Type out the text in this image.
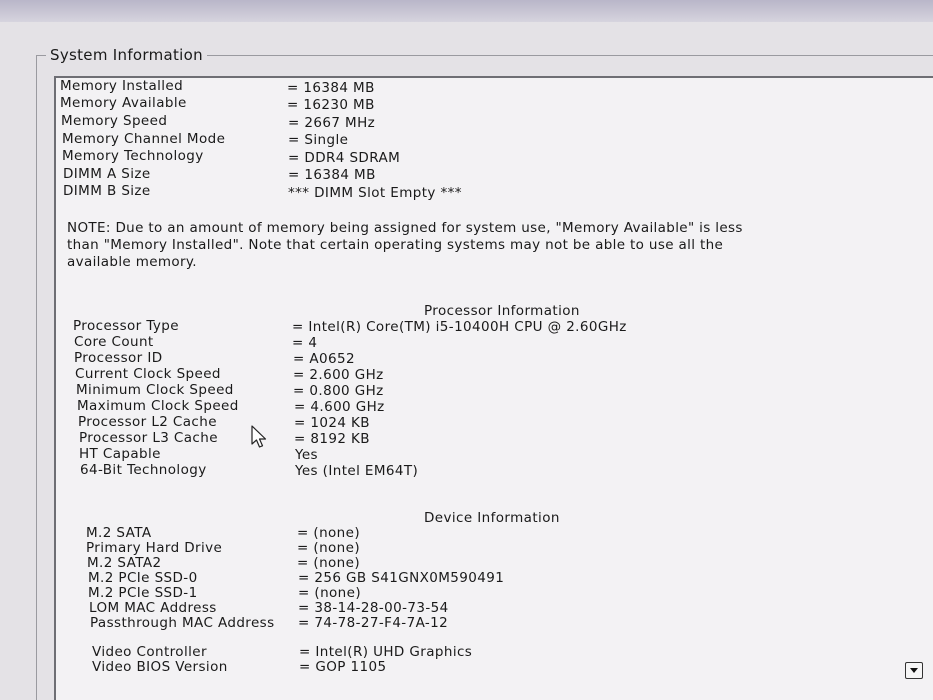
System Information
Memory Installed	= 16384 MB
Memory Available	= 16230 MB
Memory Speed	= 2667 MHz
Memory Channel Mode	= Single
Memory Technology	= DDR4 SDRAM
DIMM A Size	= 16384 MB
DIMM B Size	*** DIMM Slot Empty ***
NOTE: Due to an amount of memory being assigned for system use, "Memory Available" is less
than "Memory Installed". Note that certain operating systems may not be able to use all the
available memory.
Processor Information
Processor Type	= Intel(R) Core(TM) i5-10400H CPU @ 2.60GHz
Core Count	= 4
Processor ID	= A0652
Current Clock Speed	= 2.600 GHz
Minimum Clock Speed	= 0.800 GHz
Maximum Clock Speed	= 4.600 GHz
Processor L2 Cache	= 1024 KB
Processor L3 Cache	= 8192 KB
HT Capable	Yes
64-Bit Technology	Yes (Intel EM64T)
Device Information
M.2 SATA	= (none)
Primary Hard Drive	= (none)
M.2 SATA2	= (none)
M.2 PCIe SSD-0	= 256 GB S41GNX0M590491
M.2 PCIe SSD-1	= (none)
LOM MAC Address	= 38-14-28-00-73-54
Passthrough MAC Address = 74-78-27-F4-7A-12
Video Controller	= Intel(R) UHD Graphics
Video BIOS Version	= GOP 1105
